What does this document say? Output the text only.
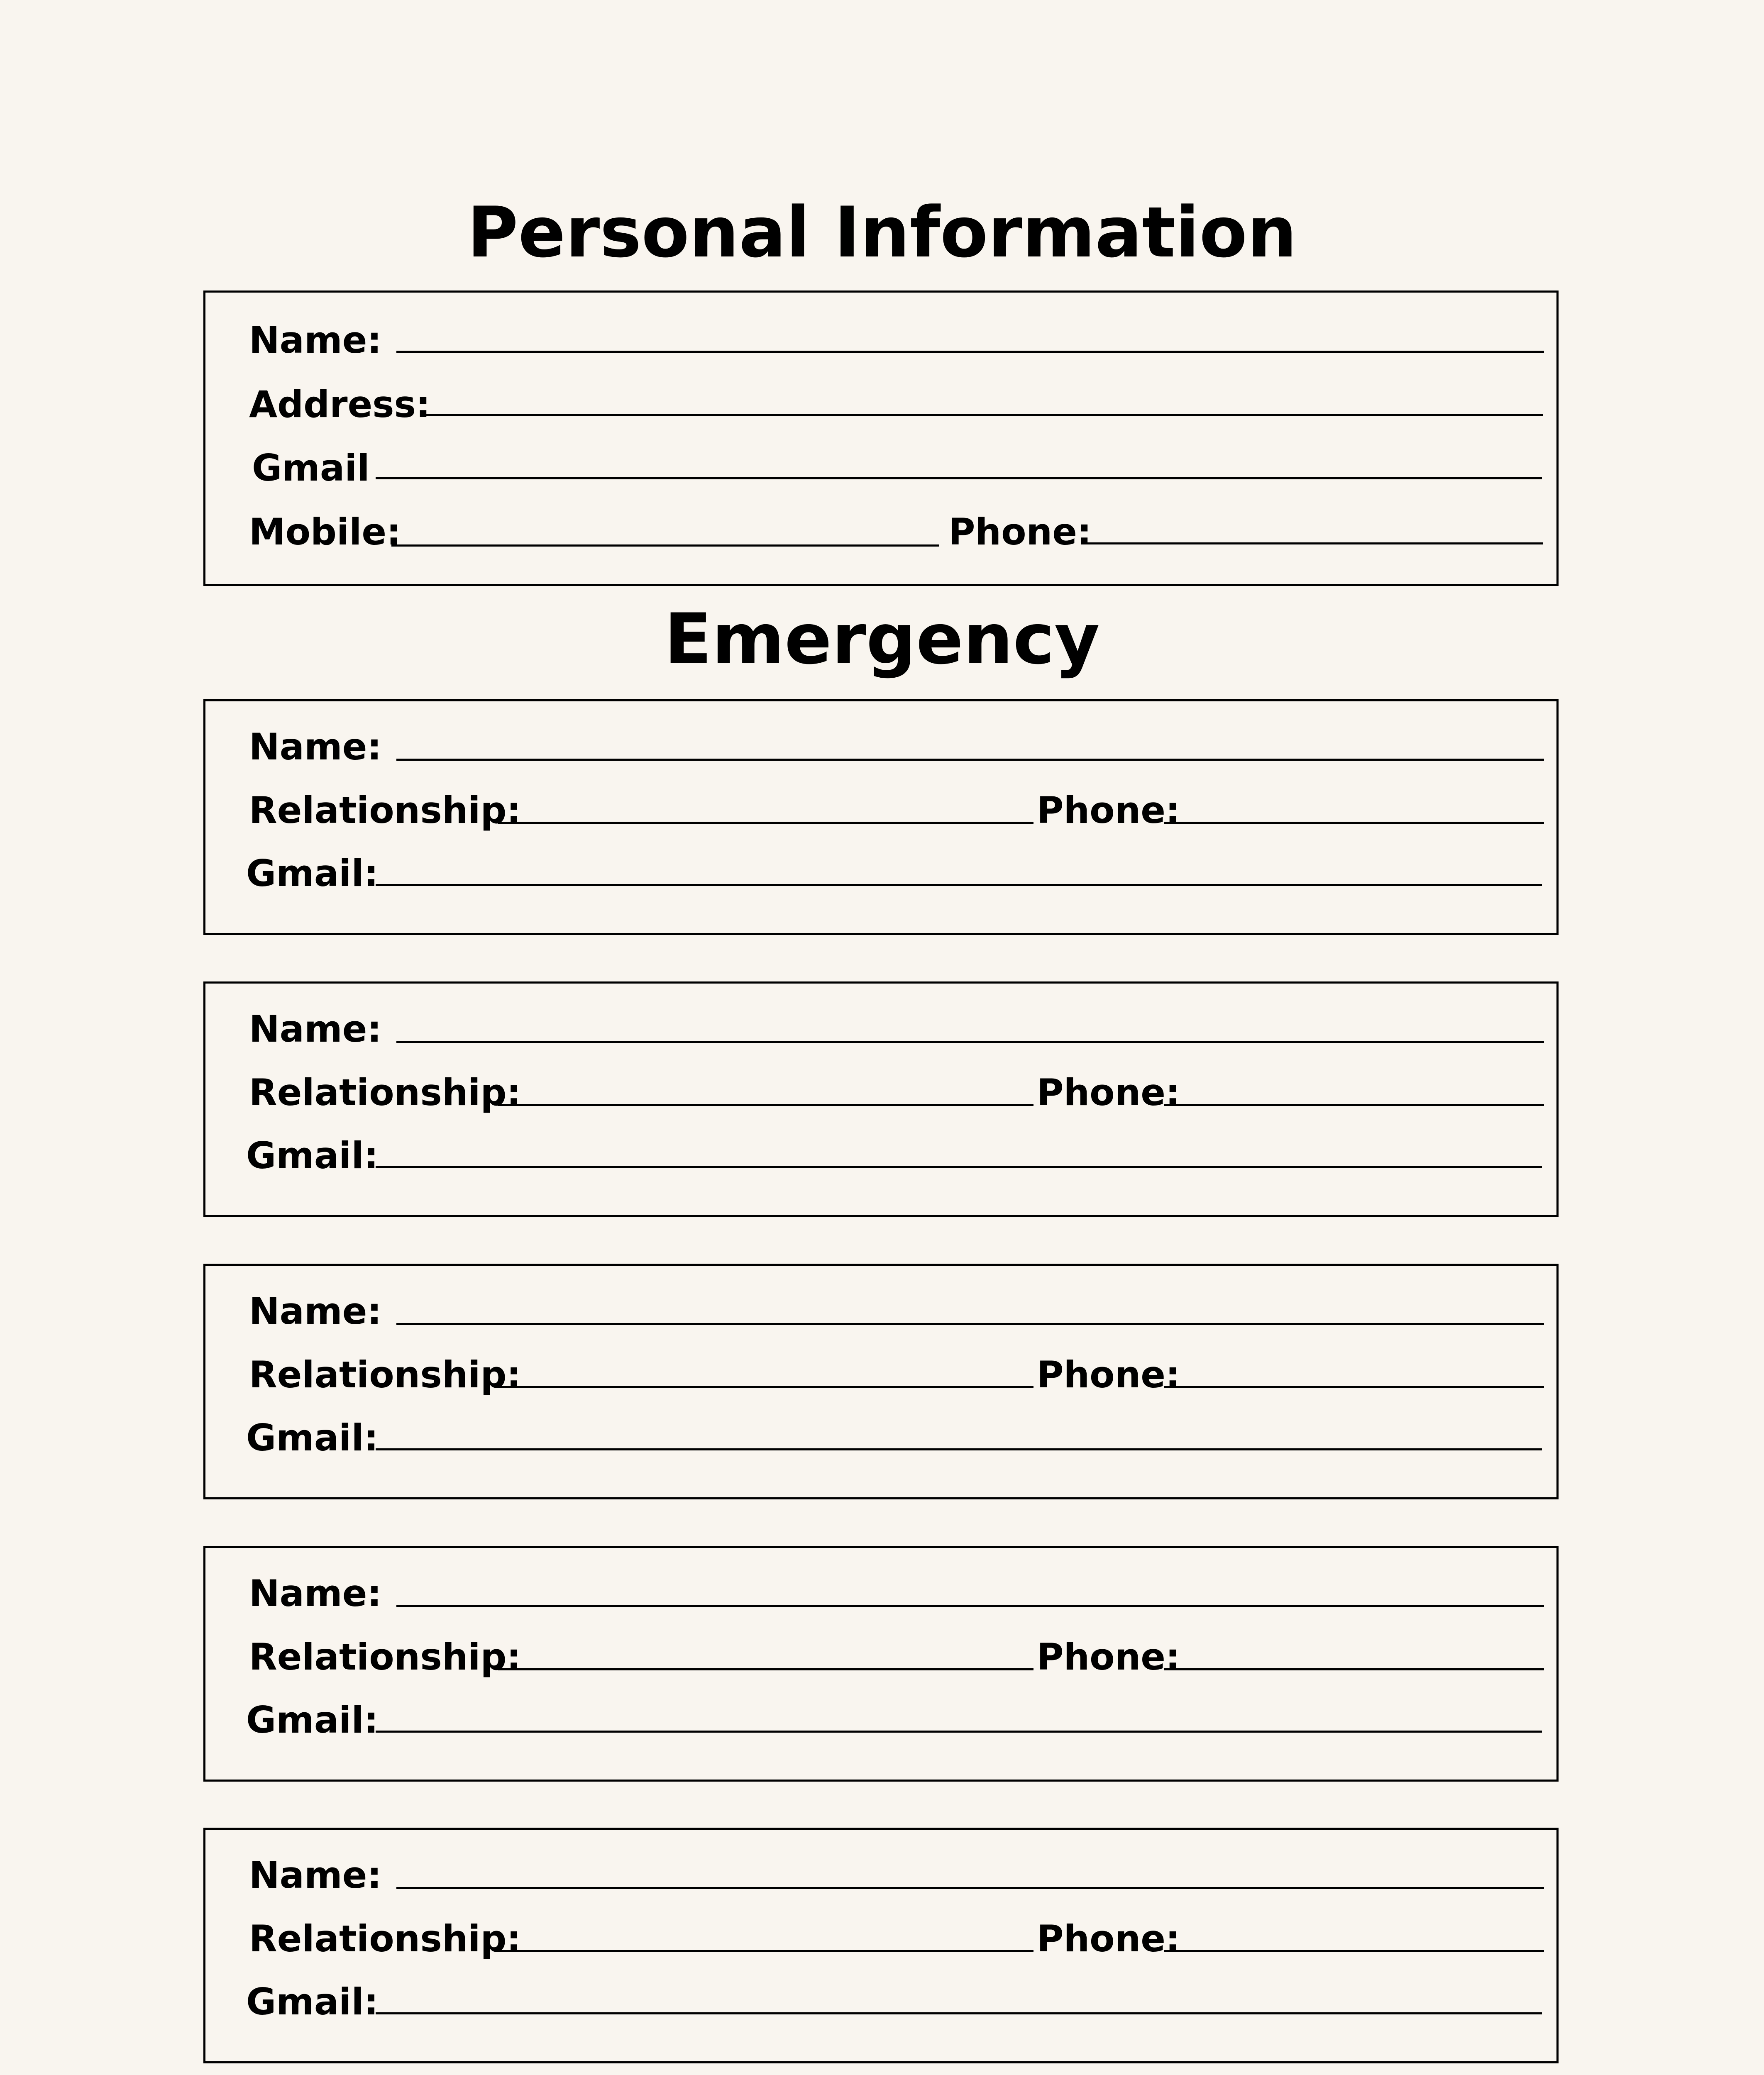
Personal Information
Name:
Address:
Gmail
Mobile:	Phone:
Emergency
Name:
Relationship:	Phone:
Gmail:
Name:
Relationship:	Phone:
Gmail:
Name:
Relationship:	Phone:
Gmail:
Name:
Relationship:	Phone:
Gmail:
Name:
Relationship:	Phone:
Gmail:
